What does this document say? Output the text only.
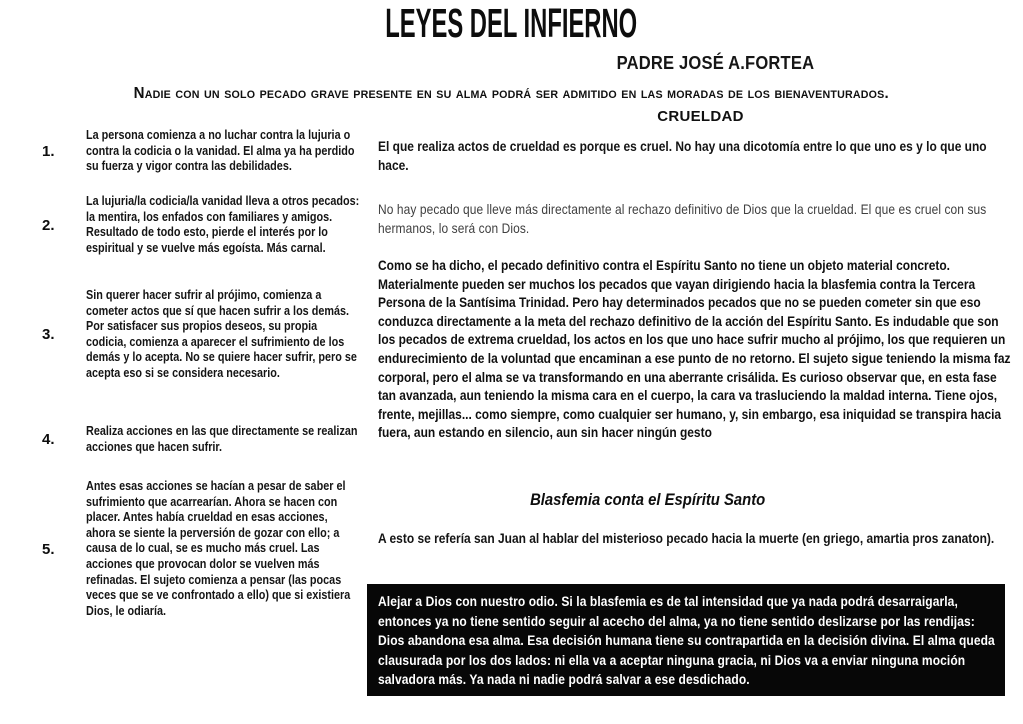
LEYES DEL INFIERNO
PADRE JOSÉ A.FORTEA
Nadie con un solo pecado grave presente en su alma podrá ser admitido en las moradas de los bienaventurados.
CRUELDAD
1.
La persona comienza a no luchar contra la lujuria o contra la codicia o la vanidad. El alma ya ha perdido su fuerza y vigor contra las debilidades.
2.
La lujuria/la codicia/la vanidad lleva a otros pecados: la mentira, los enfados con familiares y amigos. Resultado de todo esto, pierde el interés por lo espiritual y se vuelve más egoísta. Más carnal.
3.
Sin querer hacer sufrir al prójimo, comienza a cometer actos que sí que hacen sufrir a los demás. Por satisfacer sus propios deseos, su propia codicia, comienza a aparecer el sufrimiento de los demás y lo acepta. No se quiere hacer sufrir, pero se acepta eso si se considera necesario.
4.
Realiza acciones en las que directamente se realizan acciones que hacen sufrir.
5.
Antes esas acciones se hacían a pesar de saber el sufrimiento que acarrearían. Ahora se hacen con placer. Antes había crueldad en esas acciones, ahora se siente la perversión de gozar con ello; a causa de lo cual, se es mucho más cruel. Las acciones que provocan dolor se vuelven más refinadas. El sujeto comienza a pensar (las pocas veces que se ve confrontado a ello) que si existiera Dios, le odiaría.
El que realiza actos de crueldad es porque es cruel. No hay una dicotomía entre lo que uno es y lo que uno hace.
No hay pecado que lleve más directamente al rechazo definitivo de Dios que la crueldad. El que es cruel con sus hermanos, lo será con Dios.
Como se ha dicho, el pecado definitivo contra el Espíritu Santo no tiene un objeto material concreto. Materialmente pueden ser muchos los pecados que vayan dirigiendo hacia la blasfemia contra la Tercera Persona de la Santísima Trinidad. Pero hay determinados pecados que no se pueden cometer sin que eso conduzca directamente a la meta del rechazo definitivo de la acción del Espíritu Santo. Es indudable que son los pecados de extrema crueldad, los actos en los que uno hace sufrir mucho al prójimo, los que requieren un endurecimiento de la voluntad que encaminan a ese punto de no retorno. El sujeto sigue teniendo la misma faz corporal, pero el alma se va transformando en una aberrante crisálida. Es curioso observar que, en esta fase tan avanzada, aun teniendo la misma cara en el cuerpo, la cara va trasluciendo la maldad interna. Tiene ojos, frente, mejillas... como siempre, como cualquier ser humano, y, sin embargo, esa iniquidad se transpira hacia fuera, aun estando en silencio, aun sin hacer ningún gesto
Blasfemia conta el Espíritu Santo
A esto se refería san Juan al hablar del misterioso pecado hacia la muerte (en griego, amartia pros zanaton).
Alejar a Dios con nuestro odio. Si la blasfemia es de tal intensidad que ya nada podrá desarraigarla, entonces ya no tiene sentido seguir al acecho del alma, ya no tiene sentido deslizarse por las rendijas: Dios abandona esa alma. Esa decisión humana tiene su contrapartida en la decisión divina. El alma queda clausurada por los dos lados: ni ella va a aceptar ninguna gracia, ni Dios va a enviar ninguna moción salvadora más. Ya nada ni nadie podrá salvar a ese desdichado.
